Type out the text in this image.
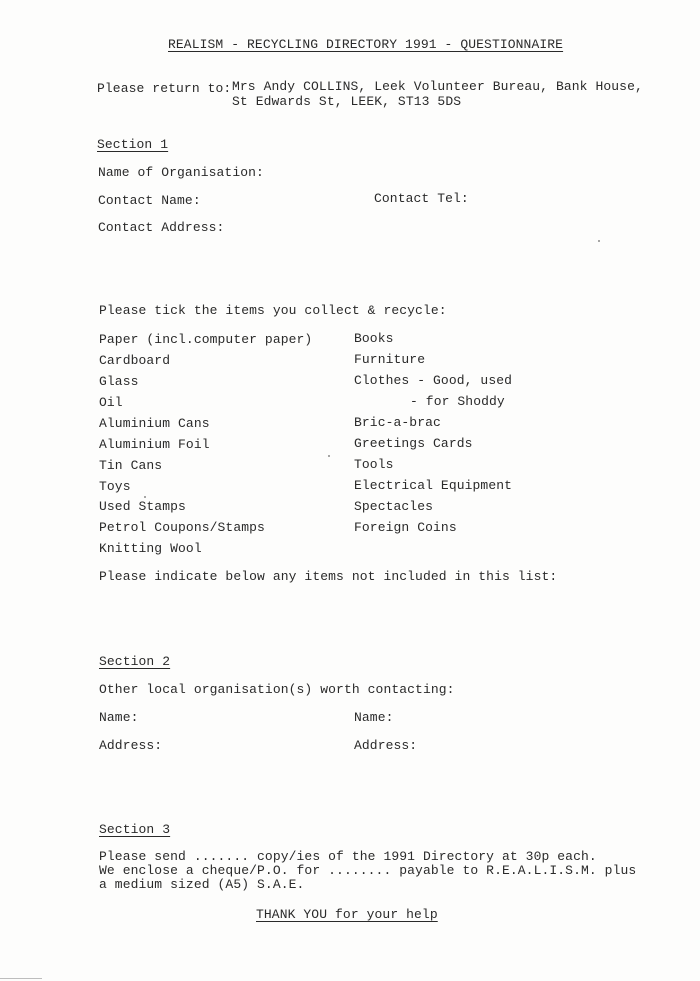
REALISM - RECYCLING DIRECTORY 1991 - QUESTIONNAIRE
Please return to: Mrs Andy COLLINS, Leek Volunteer Bureau, Bank House,
St Edwards St, LEEK, ST13 5DS
Section 1
Name of Organisation:
Contact Name:	Contact Tel:
Contact Address:
Please tick the items you collect & recycle:
Paper (incl.computer paper)
Cardboard
Glass
Oil
Aluminium Cans
Aluminium Foil
Tin Cans
Toys
Used Stamps
Petrol Coupons/Stamps
Knitting Wool
Books
Furniture
Clothes - Good, used
- for Shoddy
Bric-a-brac
Greetings Cards
Tools
Electrical Equipment
Spectacles
Foreign Coins
Please indicate below any items not included in this list:
Section 2
Other local organisation(s) worth contacting:
Name:	Name:
Address:	Address:
Section 3
Please send ....... copy/ies of the 1991 Directory at 30p each.
We enclose a cheque/P.O. for ........ payable to R.E.A.L.I.S.M. plus
a medium sized (A5) S.A.E.
THANK YOU for your help
